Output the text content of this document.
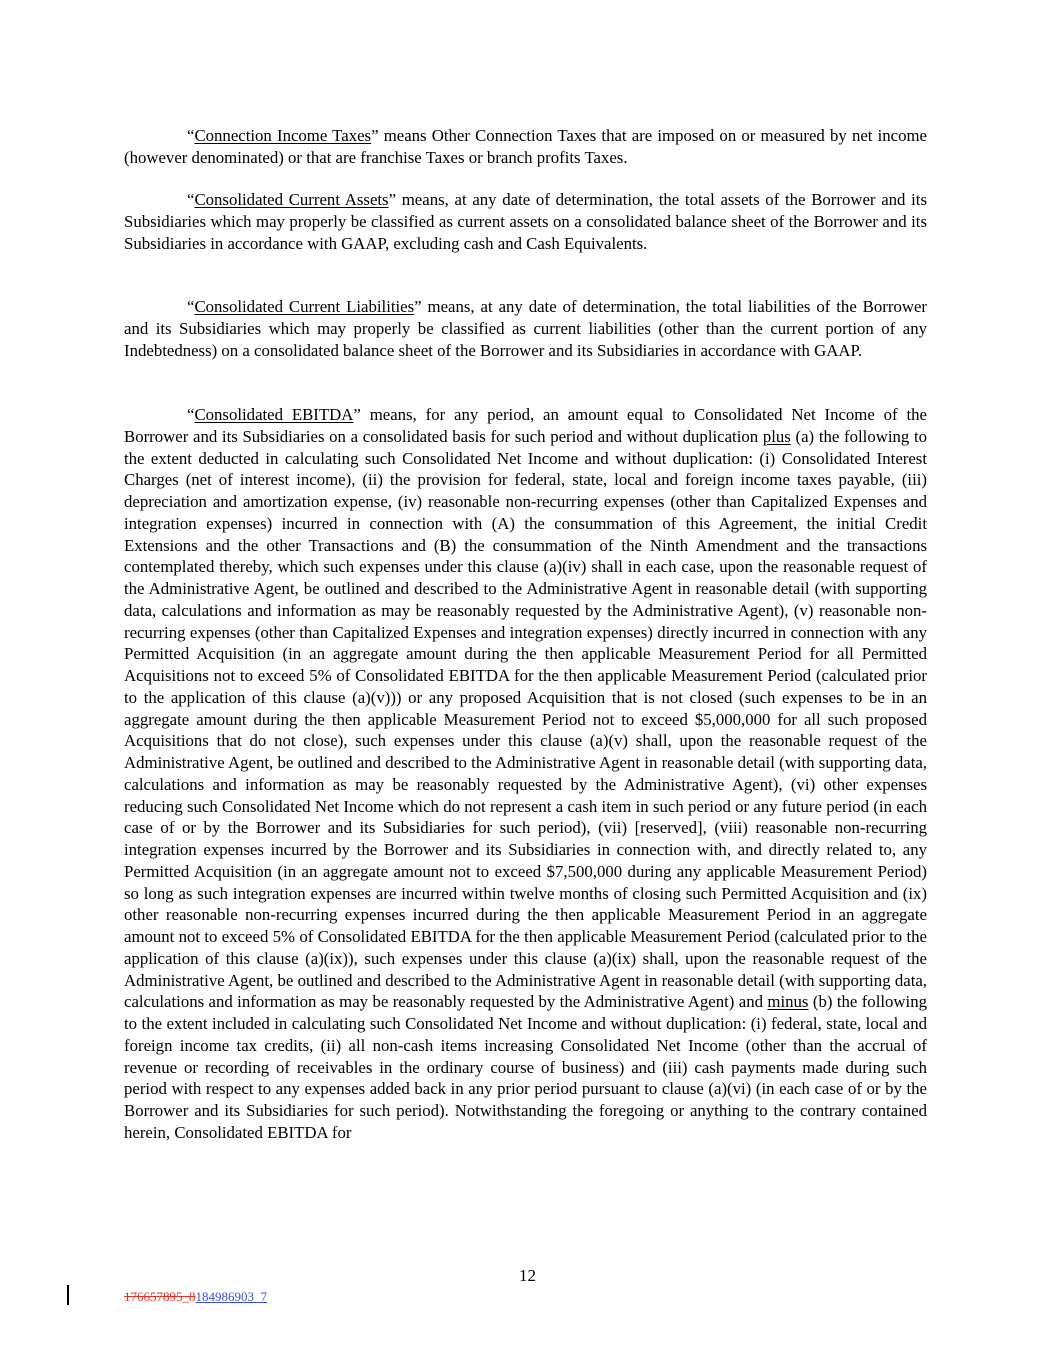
“Connection Income Taxes” means Other Connection Taxes that are imposed on or measured by net income (however denominated) or that are franchise Taxes or branch profits Taxes.

“Consolidated Current Assets” means, at any date of determination, the total assets of the Borrower and its Subsidiaries which may properly be classified as current assets on a consolidated balance sheet of the Borrower and its Subsidiaries in accordance with GAAP, excluding cash and Cash Equivalents.

“Consolidated Current Liabilities” means, at any date of determination, the total liabilities of the Borrower and its Subsidiaries which may properly be classified as current liabilities (other than the current portion of any Indebtedness) on a consolidated balance sheet of the Borrower and its Subsidiaries in accordance with GAAP.

“Consolidated EBITDA” means, for any period, an amount equal to Consolidated Net Income of the Borrower and its Subsidiaries on a consolidated basis for such period and without duplication plus (a) the following to the extent deducted in calculating such Consolidated Net Income and without duplication: (i) Consolidated Interest Charges (net of interest income), (ii) the provision for federal, state, local and foreign income taxes payable, (iii) depreciation and amortization expense, (iv) reasonable non-recurring expenses (other than Capitalized Expenses and integration expenses) incurred in connection with (A) the consummation of this Agreement, the initial Credit Extensions and the other Transactions and (B) the consummation of the Ninth Amendment and the transactions contemplated thereby, which such expenses under this clause (a)(iv) shall in each case, upon the reasonable request of the Administrative Agent, be outlined and described to the Administrative Agent in reasonable detail (with supporting data, calculations and information as may be reasonably requested by the Administrative Agent), (v) reasonable non-recurring expenses (other than Capitalized Expenses and integration expenses) directly incurred in connection with any Permitted Acquisition (in an aggregate amount during the then applicable Measurement Period for all Permitted Acquisitions not to exceed 5% of Consolidated EBITDA for the then applicable Measurement Period (calculated prior to the application of this clause (a)(v))) or any proposed Acquisition that is not closed (such expenses to be in an aggregate amount during the then applicable Measurement Period not to exceed $5,000,000 for all such proposed Acquisitions that do not close), such expenses under this clause (a)(v) shall, upon the reasonable request of the Administrative Agent, be outlined and described to the Administrative Agent in reasonable detail (with supporting data, calculations and information as may be reasonably requested by the Administrative Agent), (vi) other expenses reducing such Consolidated Net Income which do not represent a cash item in such period or any future period (in each case of or by the Borrower and its Subsidiaries for such period), (vii) [reserved], (viii) reasonable non-recurring integration expenses incurred by the Borrower and its Subsidiaries in connection with, and directly related to, any Permitted Acquisition (in an aggregate amount not to exceed $7,500,000 during any applicable Measurement Period) so long as such integration expenses are incurred within twelve months of closing such Permitted Acquisition and (ix) other reasonable non-recurring expenses incurred during the then applicable Measurement Period in an aggregate amount not to exceed 5% of Consolidated EBITDA for the then applicable Measurement Period (calculated prior to the application of this clause (a)(ix)), such expenses under this clause (a)(ix) shall, upon the reasonable request of the Administrative Agent, be outlined and described to the Administrative Agent in reasonable detail (with supporting data, calculations and information as may be reasonably requested by the Administrative Agent) and minus (b) the following to the extent included in calculating such Consolidated Net Income and without duplication: (i) federal, state, local and foreign income tax credits, (ii) all non-cash items increasing Consolidated Net Income (other than the accrual of revenue or recording of receivables in the ordinary course of business) and (iii) cash payments made during such period with respect to any expenses added back in any prior period pursuant to clause (a)(vi) (in each case of or by the Borrower and its Subsidiaries for such period). Notwithstanding the foregoing or anything to the contrary contained herein, Consolidated EBITDA for

12
176657895_8184986903_7
